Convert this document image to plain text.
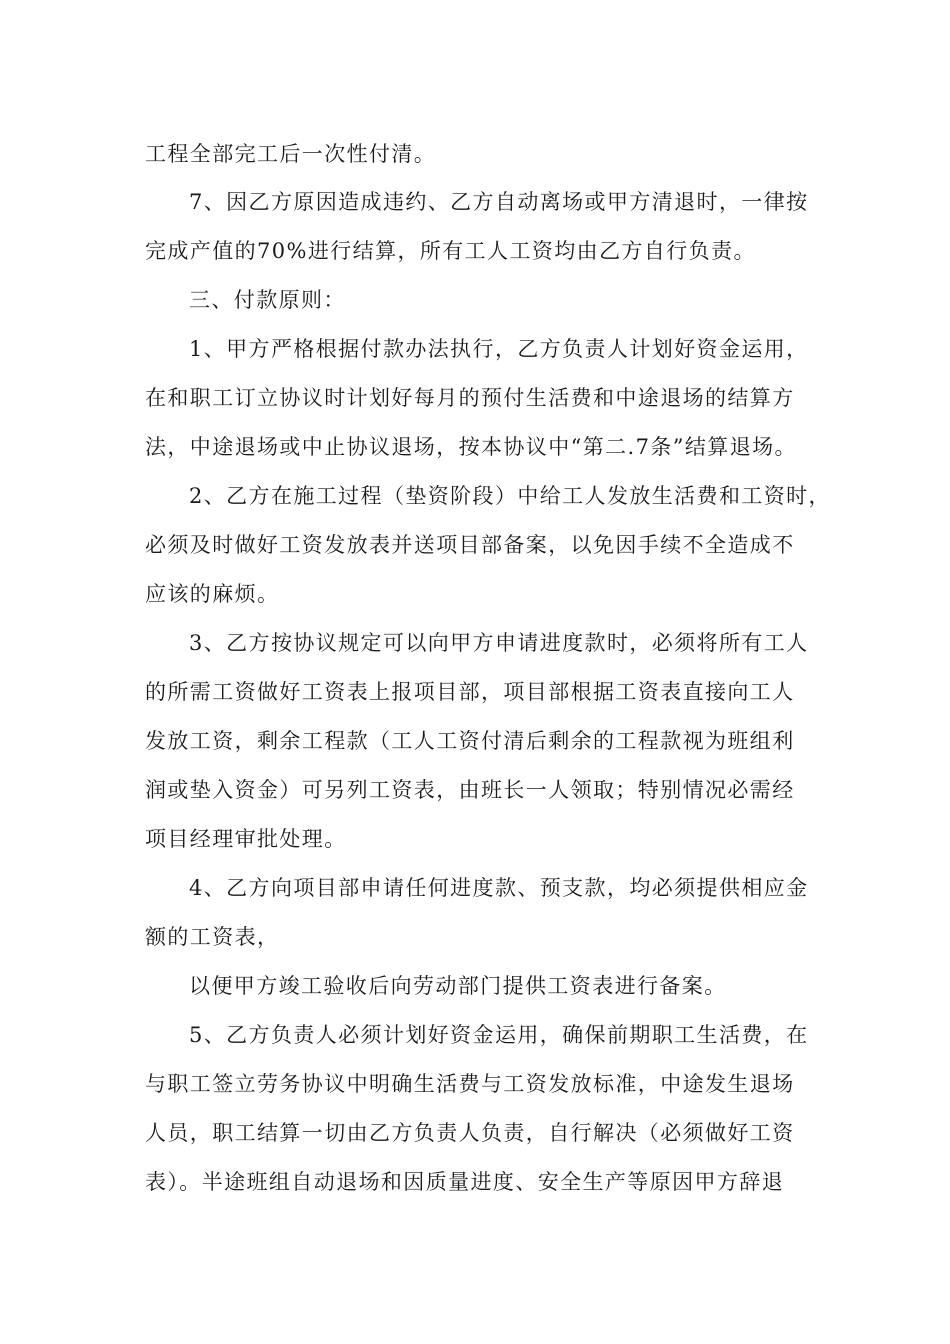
工程全部完工后一次性付清。
7、因乙方原因造成违约、乙方自动离场或甲方清退时，一律按
完成产值的70%进行结算，所有工人工资均由乙方自行负责。
三、付款原则：
1、甲方严格根据付款办法执行，乙方负责人计划好资金运用，
在和职工订立协议时计划好每月的预付生活费和中途退场的结算方
法，中途退场或中止协议退场，按本协议中“第二.7条”结算退场。
2、乙方在施工过程（垫资阶段）中给工人发放生活费和工资时，
必须及时做好工资发放表并送项目部备案，以免因手续不全造成不
应该的麻烦。
3、乙方按协议规定可以向甲方申请进度款时，必须将所有工人
的所需工资做好工资表上报项目部，项目部根据工资表直接向工人
发放工资，剩余工程款（工人工资付清后剩余的工程款视为班组利
润或垫入资金）可另列工资表，由班长一人领取；特别情况必需经
项目经理审批处理。
4、乙方向项目部申请任何进度款、预支款，均必须提供相应金
额的工资表，
以便甲方竣工验收后向劳动部门提供工资表进行备案。
5、乙方负责人必须计划好资金运用，确保前期职工生活费，在
与职工签立劳务协议中明确生活费与工资发放标准，中途发生退场
人员，职工结算一切由乙方负责人负责，自行解决（必须做好工资
表）。半途班组自动退场和因质量进度、安全生产等原因甲方辞退
